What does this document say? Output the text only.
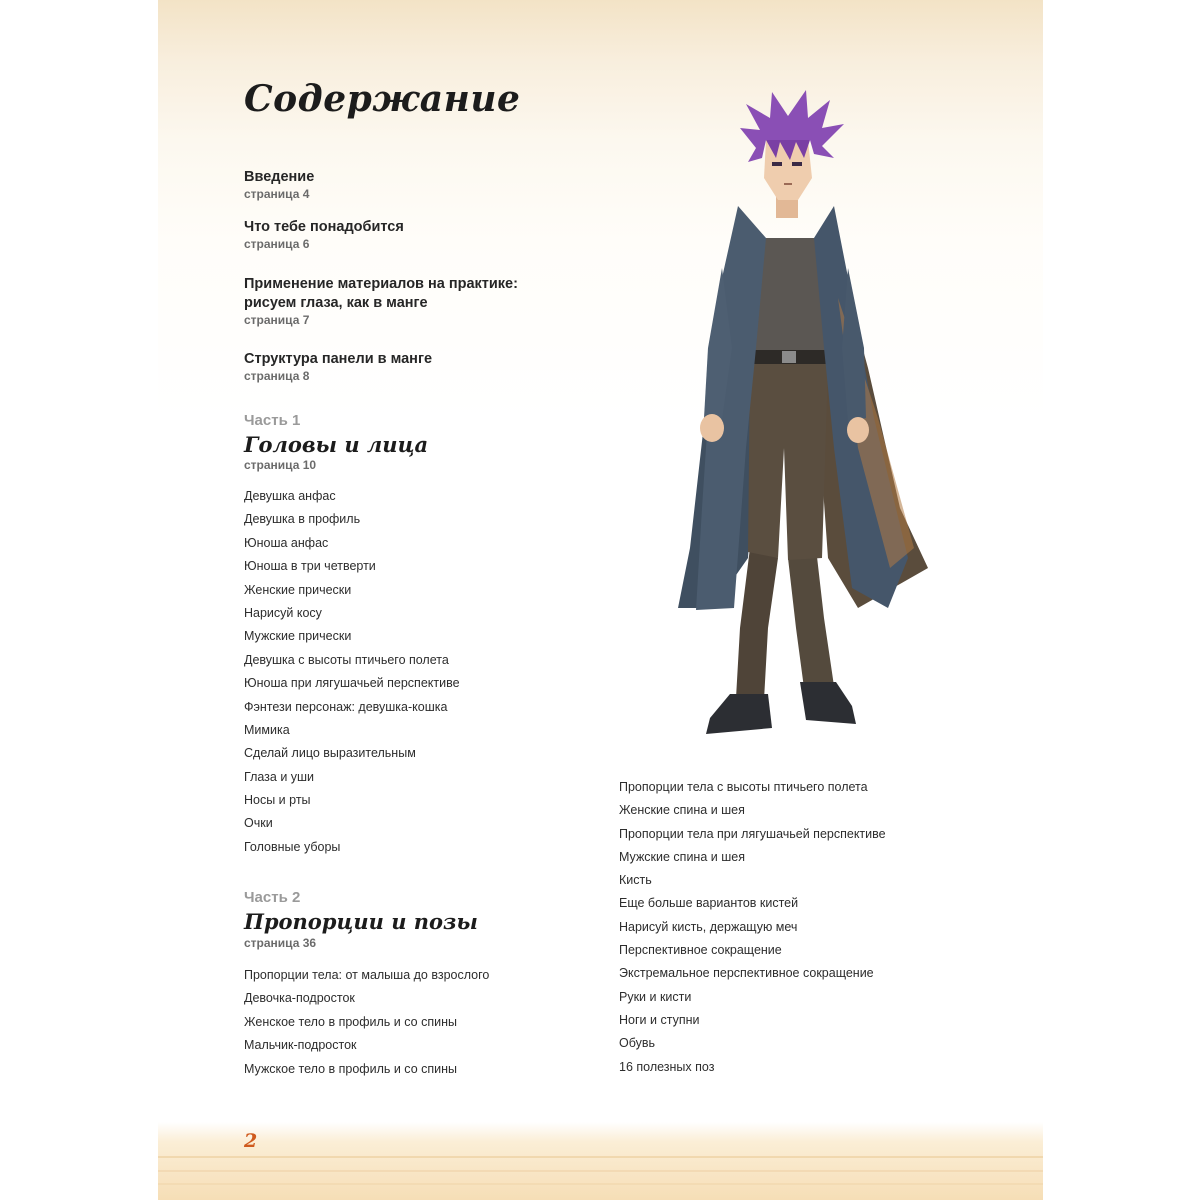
Содержание
Введение
страница 4
Что тебе понадобится
страница 6
Применение материалов на практике:
рисуем глаза, как в манге
страница 7
Структура панели в манге
страница 8
Часть 1
Головы и лица
страница 10
Девушка анфас
Девушка в профиль
Юноша анфас
Юноша в три четверти
Женские прически
Нарисуй косу
Мужские прически
Девушка с высоты птичьего полета
Юноша при лягушачьей перспективе
Фэнтези персонаж: девушка-кошка
Мимика
Сделай лицо выразительным
Глаза и уши
Носы и рты
Очки
Головные уборы
Часть 2
Пропорции и позы
страница 36
Пропорции тела: от малыша до взрослого
Девочка-подросток
Женское тело в профиль и со спины
Мальчик-подросток
Мужское тело в профиль и со спины
Пропорции тела с высоты птичьего полета
Женские спина и шея
Пропорции тела при лягушачьей перспективе
Мужские спина и шея
Кисть
Еще больше вариантов кистей
Нарисуй кисть, держащую меч
Перспективное сокращение
Экстремальное перспективное сокращение
Руки и кисти
Ноги и ступни
Обувь
16 полезных поз
2
